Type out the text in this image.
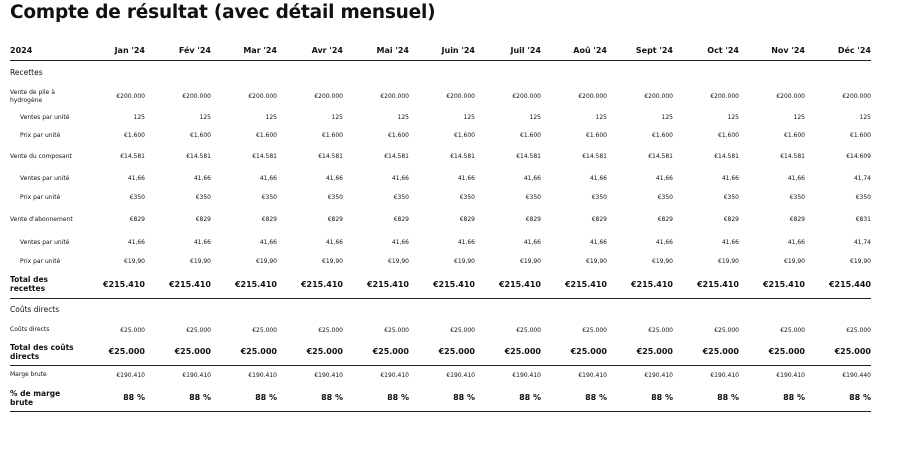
Compte de résultat (avec détail mensuel)
2024	Jan '24	Fév '24	Mar '24	Avr '24	Mai '24	Juin '24	Juil '24	Aoû '24	Sept '24	Oct '24	Nov '24	Déc '24
Recettes												
Vente de pile à hydrogène	€200.000	€200.000	€200.000	€200.000	€200.000	€200.000	€200.000	€200.000	€200.000	€200.000	€200.000	€200.000
Ventes par unité	125	125	125	125	125	125	125	125	125	125	125	125
Prix par unité	€1.600	€1.600	€1.600	€1.600	€1.600	€1.600	€1.600	€1.600	€1.600	€1.600	€1.600	€1.600
Vente du composant	€14.581	€14.581	€14.581	€14.581	€14.581	€14.581	€14.581	€14.581	€14.581	€14.581	€14.581	€14.609
Ventes par unité	41,66	41,66	41,66	41,66	41,66	41,66	41,66	41,66	41,66	41,66	41,66	41,74
Prix par unité	€350	€350	€350	€350	€350	€350	€350	€350	€350	€350	€350	€350
Vente d'abonnement	€829	€829	€829	€829	€829	€829	€829	€829	€829	€829	€829	€831
Ventes par unité	41,66	41,66	41,66	41,66	41,66	41,66	41,66	41,66	41,66	41,66	41,66	41,74
Prix par unité	€19,90	€19,90	€19,90	€19,90	€19,90	€19,90	€19,90	€19,90	€19,90	€19,90	€19,90	€19,90
Total des recettes	€215.410	€215.410	€215.410	€215.410	€215.410	€215.410	€215.410	€215.410	€215.410	€215.410	€215.410	€215.440
Coûts directs												
Coûts directs	€25.000	€25.000	€25.000	€25.000	€25.000	€25.000	€25.000	€25.000	€25.000	€25.000	€25.000	€25.000
Total des coûts directs	€25.000	€25.000	€25.000	€25.000	€25.000	€25.000	€25.000	€25.000	€25.000	€25.000	€25.000	€25.000
Marge brute	€190.410	€190.410	€190.410	€190.410	€190.410	€190.410	€190.410	€190.410	€190.410	€190.410	€190.410	€190.440
% de marge brute	88 %	88 %	88 %	88 %	88 %	88 %	88 %	88 %	88 %	88 %	88 %	88 %
